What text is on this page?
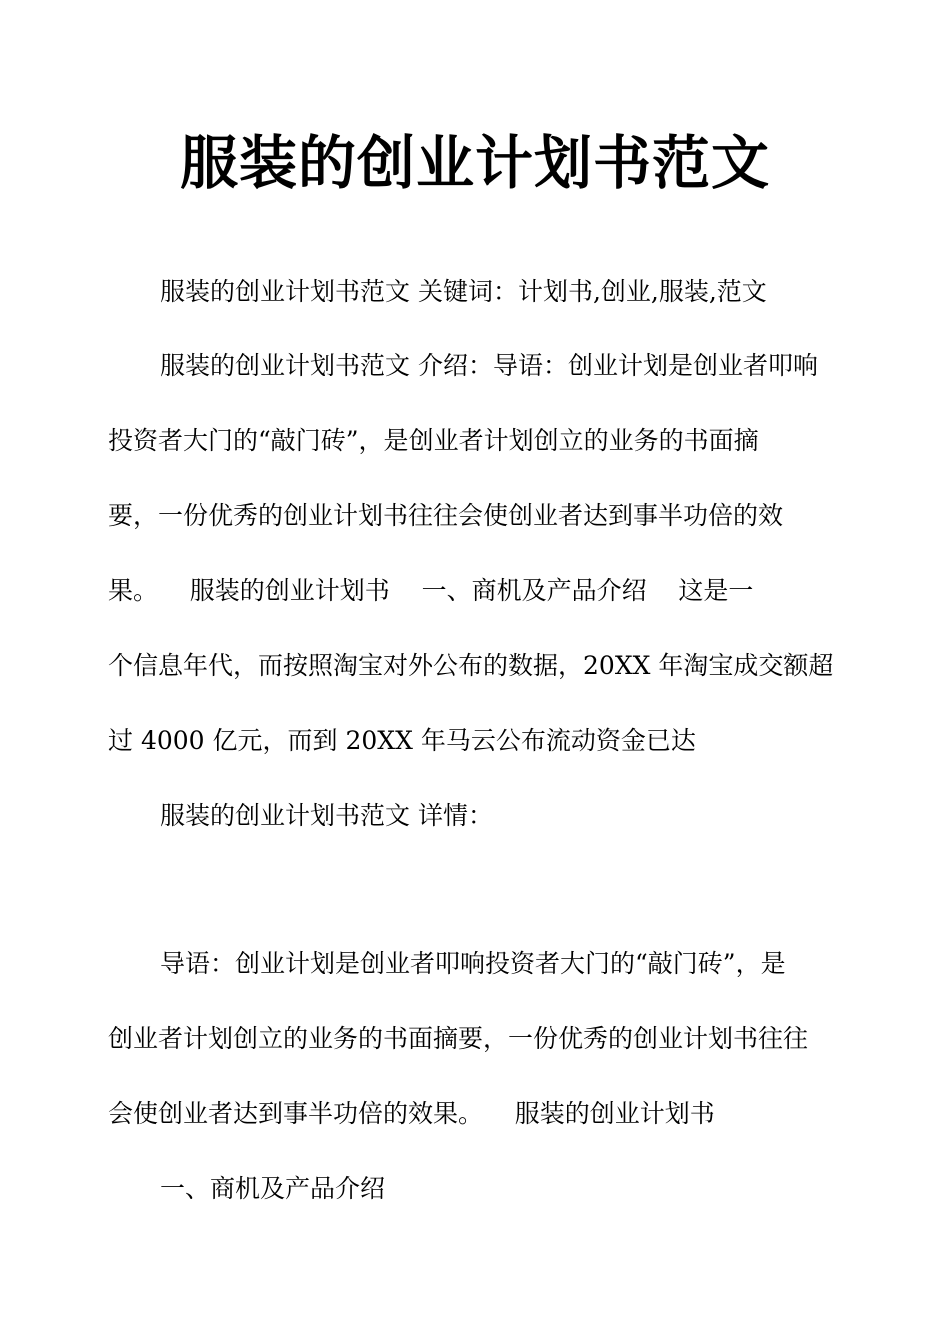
服装的创业计划书范文

服装的创业计划书范文 关键词：计划书,创业,服装,范文

服装的创业计划书范文 介绍：导语：创业计划是创业者叩响

投资者大门的“敲门砖”，是创业者计划创立的业务的书面摘

要，一份优秀的创业计划书往往会使创业者达到事半功倍的效

果。    服装的创业计划书    一、商机及产品介绍    这是一

个信息年代，而按照淘宝对外公布的数据，20XX 年淘宝成交额超

过 4000 亿元，而到 20XX 年马云公布流动资金已达

服装的创业计划书范文 详情：

导语：创业计划是创业者叩响投资者大门的“敲门砖”，是

创业者计划创立的业务的书面摘要，一份优秀的创业计划书往往

会使创业者达到事半功倍的效果。    服装的创业计划书

一、商机及产品介绍
